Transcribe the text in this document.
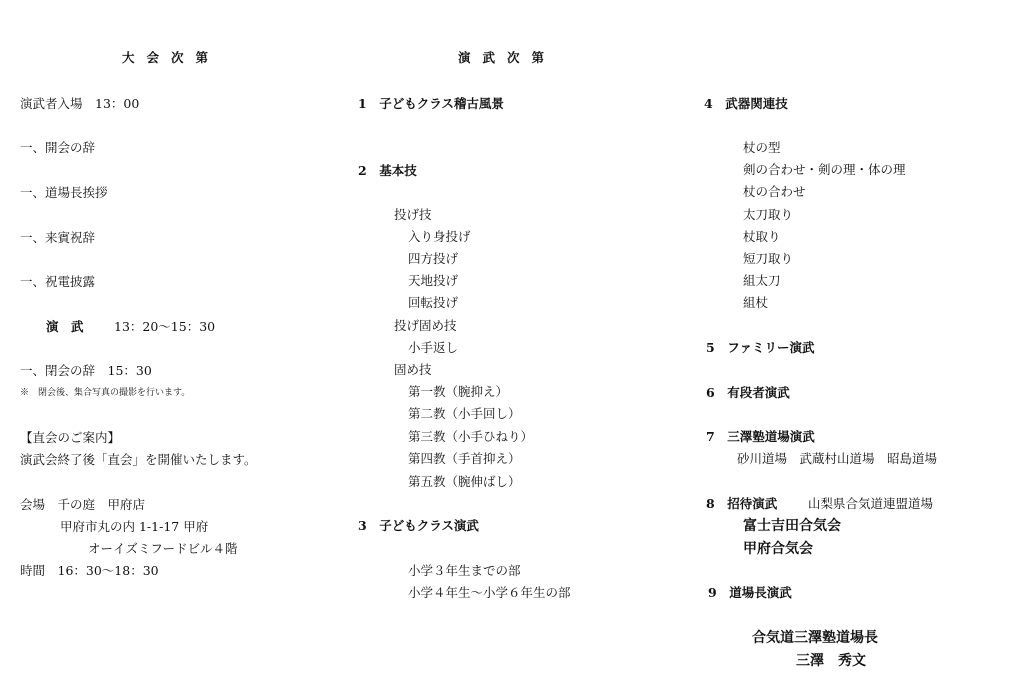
大会次第
演武者入場　13：00
一、開会の辞
一、道場長挨拶
一、来賓祝辞
一、祝電披露
演　武 13：20〜15：30
一、閉会の辞　15：30
※　閉会後、集合写真の撮影を行います。
【直会のご案内】
演武会終了後「直会」を開催いたします。
会場　千の庭　甲府店
甲府市丸の内 1-1-17 甲府
オーイズミフードビル４階
時間　16：30〜18：30
演武次第
1　子どもクラス稽古風景
2　基本技
投げ技
入り身投げ
四方投げ
天地投げ
回転投げ
投げ固め技
小手返し
固め技
第一教（腕抑え）
第二教（小手回し）
第三教（小手ひねり）
第四教（手首抑え）
第五教（腕伸ばし）
3　子どもクラス演武
小学３年生までの部
小学４年生〜小学６年生の部
4　武器関連技
杖の型
剣の合わせ・剣の理・体の理
杖の合わせ
太刀取り
杖取り
短刀取り
組太刀
組杖
5　ファミリー演武
6　有段者演武
7　三澤塾道場演武
砂川道場　武蔵村山道場　昭島道場
8　招待演武 山梨県合気道連盟道場
富士吉田合気会
甲府合気会
9　道場長演武
合気道三澤塾道場長
三澤　秀文
